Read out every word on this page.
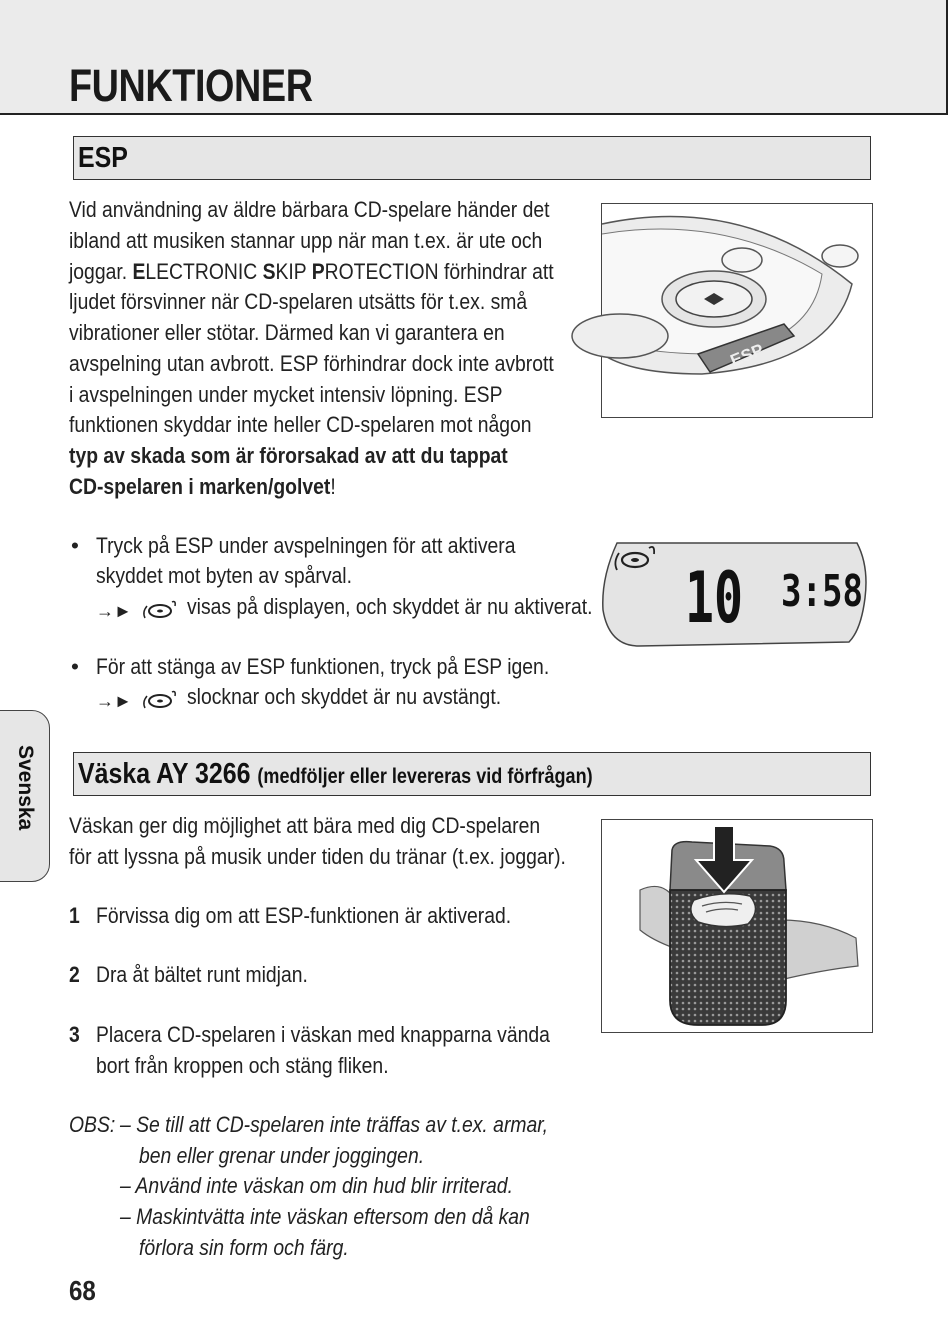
FUNKTIONER
ESP

Vid användning av äldre bärbara CD-spelare händer det

ibland att musiken stannar upp när man t.ex. är ute och

joggar. ELECTRONIC SKIP PROTECTION förhindrar att

ljudet försvinner när CD-spelaren utsätts för t.ex. små

vibrationer eller stötar. Därmed kan vi garantera en

avspelning utan avbrott. ESP förhindrar dock inte avbrott

i avspelningen under mycket intensiv löpning. ESP

funktionen skyddar inte heller CD-spelaren mot någon

typ av skada som är förorsakad av att du tappat

CD-spelaren i marken/golvet!

ESP
• Tryck på ESP under avspelningen för att aktivera

skyddet mot byten av spårval.

→► visas på displayen, och skyddet är nu aktiverat. 10 3:58
• För att stänga av ESP funktionen, tryck på ESP igen.

→► slocknar och skyddet är nu avstängt.

Svenska Väska AY 3266 (medföljer eller levereras vid förfrågan)

Väskan ger dig möjlighet att bära med dig CD-spelaren

för att lyssna på musik under tiden du tränar (t.ex. joggar).

1 Förvissa dig om att ESP-funktionen är aktiverad.

2 Dra åt bältet runt midjan.

3 Placera CD-spelaren i väskan med knapparna vända

bort från kroppen och stäng fliken.

OBS: – Se till att CD-spelaren inte träffas av t.ex. armar,

ben eller grenar under joggingen.

– Använd inte väskan om din hud blir irriterad.

– Maskintvätta inte väskan eftersom den då kan

förlora sin form och färg.

68
